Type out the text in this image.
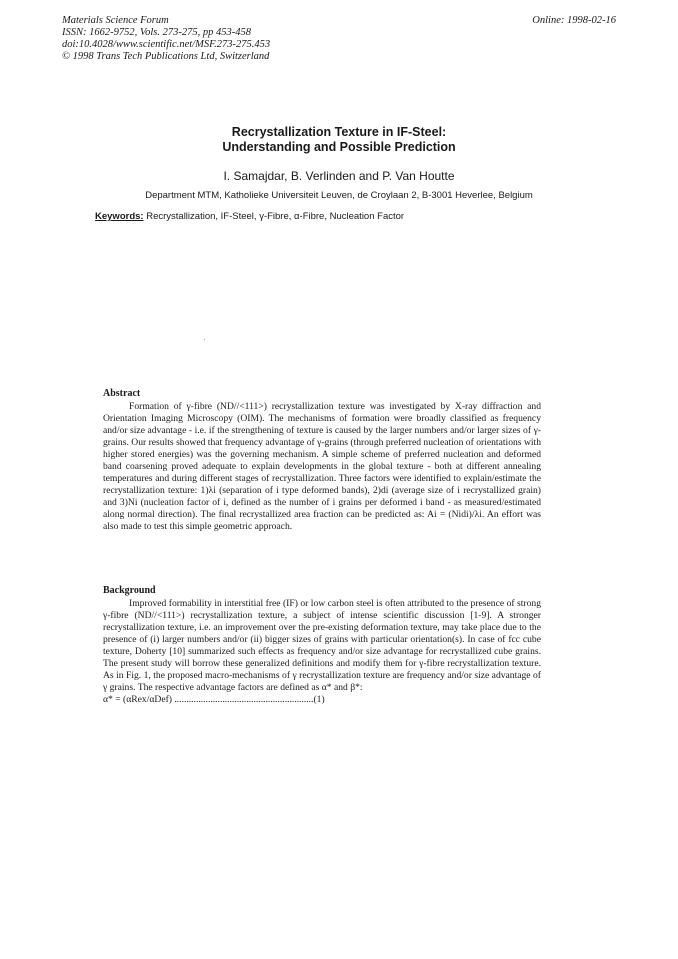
Materials Science Forum
ISSN: 1662-9752, Vols. 273-275, pp 453-458
doi:10.4028/www.scientific.net/MSF.273-275.453
© 1998 Trans Tech Publications Ltd, Switzerland
Online: 1998-02-16
Recrystallization Texture in IF-Steel:
Understanding and Possible Prediction
I. Samajdar, B. Verlinden and P. Van Houtte
Department MTM, Katholieke Universiteit Leuven, de Croylaan 2, B-3001 Heverlee, Belgium
Keywords: Recrystallization, IF-Steel, γ-Fibre, α-Fibre, Nucleation Factor
Abstract

Formation of γ-fibre (ND//<111>) recrystallization texture was investigated by X-ray diffraction and Orientation Imaging Microscopy (OIM). The mechanisms of formation were broadly classified as frequency and/or size advantage - i.e. if the strengthening of texture is caused by the larger numbers and/or larger sizes of γ-grains. Our results showed that frequency advantage of γ-grains (through preferred nucleation of orientations with higher stored energies) was the governing mechanism. A simple scheme of preferred nucleation and deformed band coarsening proved adequate to explain developments in the global texture - both at different annealing temperatures and during different stages of recrystallization. Three factors were identified to explain/estimate the recrystallization texture: 1)λi (separation of i type deformed bands), 2)di (average size of i recrystallized grain) and 3)Ni (nucleation factor of i, defined as the number of i grains per deformed i band - as measured/estimated along normal direction). The final recrystallized area fraction can be predicted as: Ai = (Nidi)/λi. An effort was also made to test this simple geometric approach.

Background

Improved formability in interstitial free (IF) or low carbon steel is often attributed to the presence of strong γ-fibre (ND//<111>) recrystallization texture, a subject of intense scientific discussion [1-9]. A stronger recrystallization texture, i.e. an improvement over the pre-existing deformation texture, may take place due to the presence of (i) larger numbers and/or (ii) bigger sizes of grains with particular orientation(s). In case of fcc cube texture, Doherty [10] summarized such effects as frequency and/or size advantage for recrystallized cube grains. The present study will borrow these generalized definitions and modify them for γ-fibre recrystallization texture. As in Fig. 1, the proposed macro-mechanisms of γ recrystallization texture are frequency and/or size advantage of γ grains. The respective advantage factors are defined as α* and β*:

α* = (αRex/αDef) ..........................................................(1)
